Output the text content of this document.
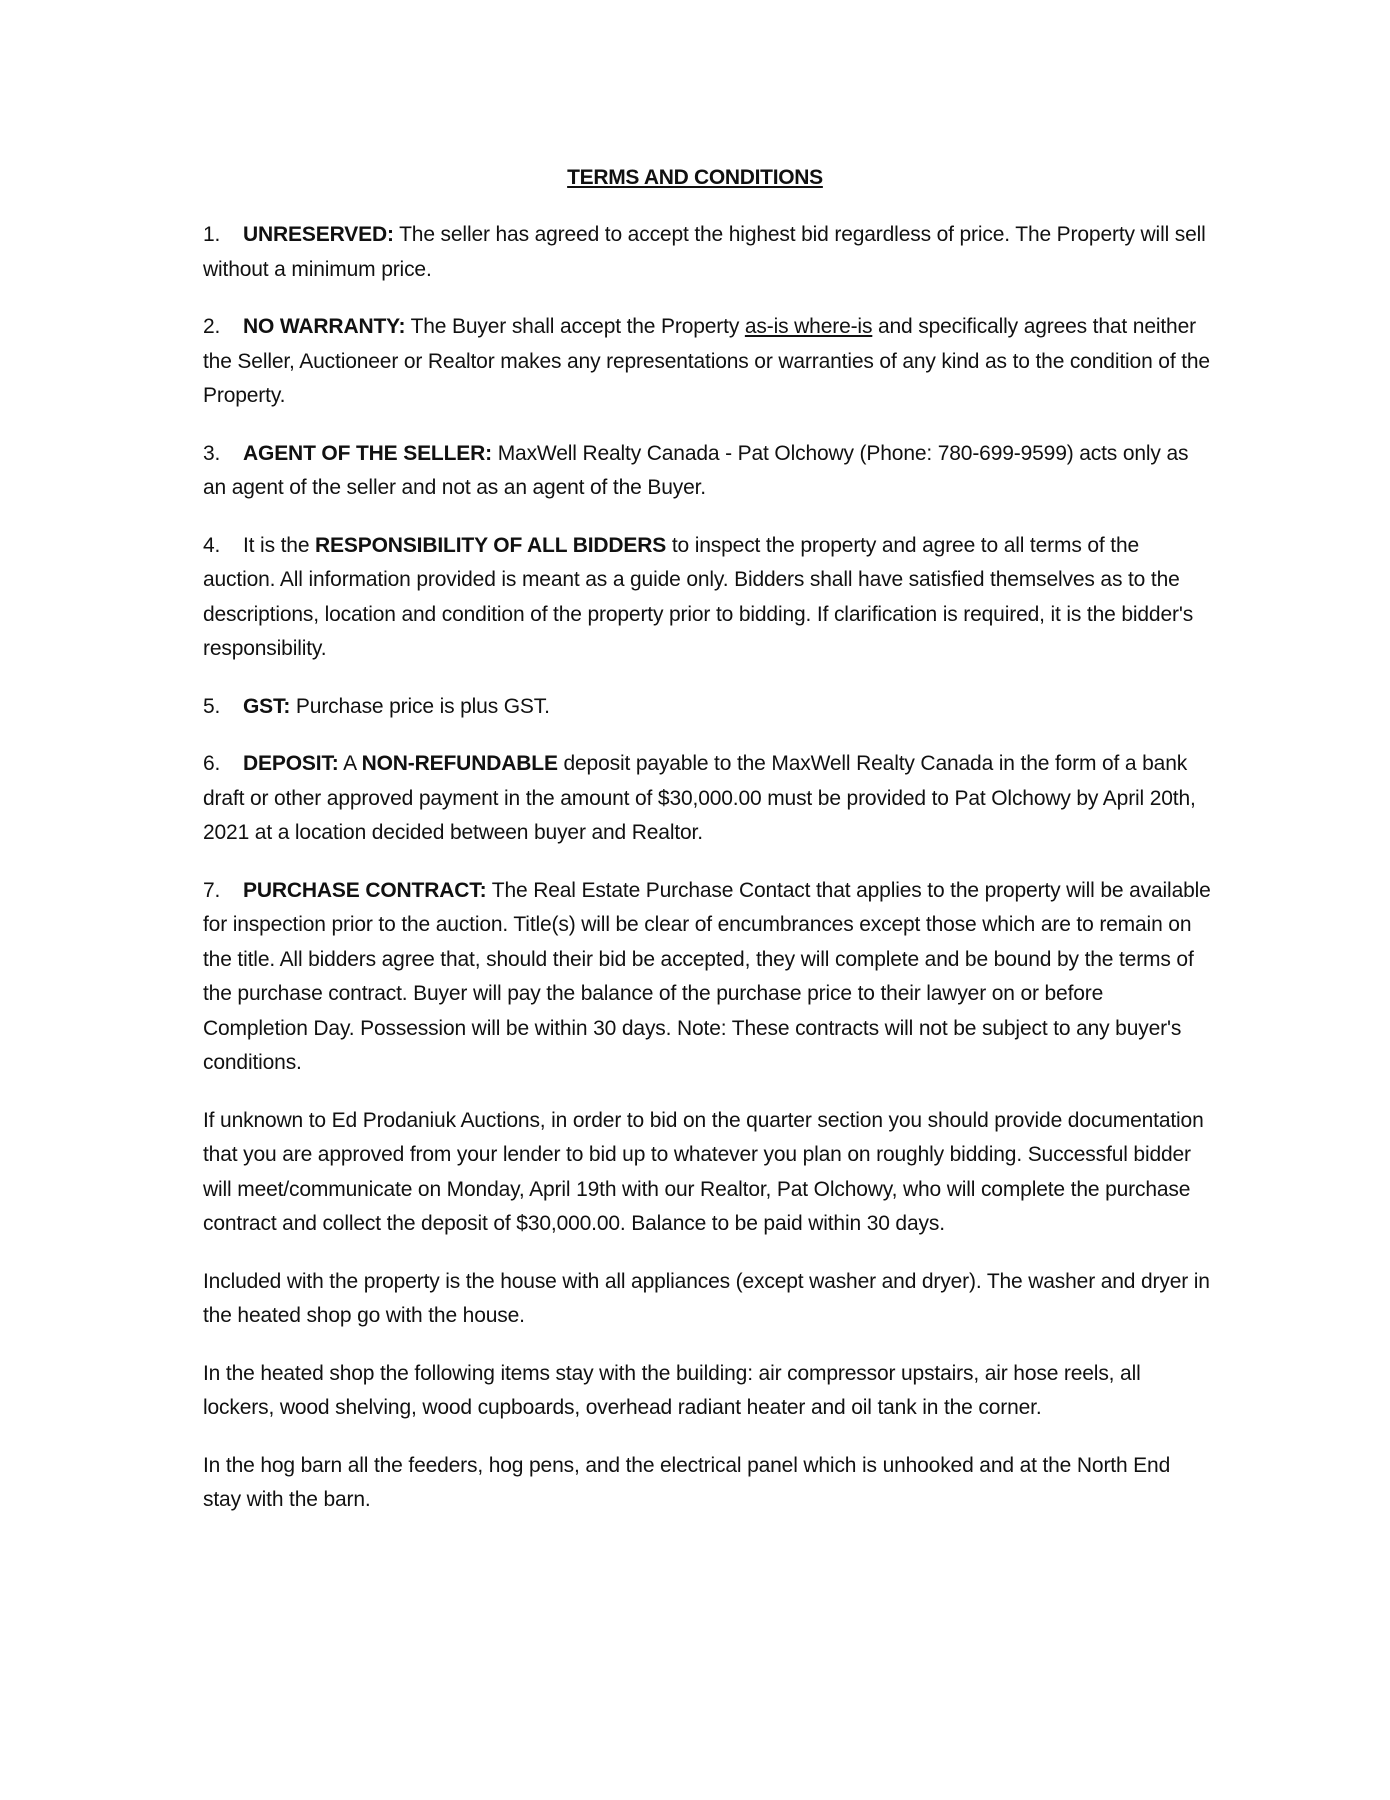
TERMS AND CONDITIONS

1. UNRESERVED: The seller has agreed to accept the highest bid regardless of price. The Property will sell without a minimum price.

2. NO WARRANTY: The Buyer shall accept the Property as-is where-is and specifically agrees that neither the Seller, Auctioneer or Realtor makes any representations or warranties of any kind as to the condition of the Property.

3. AGENT OF THE SELLER: MaxWell Realty Canada - Pat Olchowy (Phone: 780-699-9599) acts only as an agent of the seller and not as an agent of the Buyer.

4. It is the RESPONSIBILITY OF ALL BIDDERS to inspect the property and agree to all terms of the auction. All information provided is meant as a guide only. Bidders shall have satisfied themselves as to the descriptions, location and condition of the property prior to bidding. If clarification is required, it is the bidder's responsibility.

5. GST: Purchase price is plus GST.

6. DEPOSIT: A NON-REFUNDABLE deposit payable to the MaxWell Realty Canada in the form of a bank draft or other approved payment in the amount of $30,000.00 must be provided to Pat Olchowy by April 20th, 2021 at a location decided between buyer and Realtor.

7. PURCHASE CONTRACT: The Real Estate Purchase Contact that applies to the property will be available for inspection prior to the auction. Title(s) will be clear of encumbrances except those which are to remain on the title. All bidders agree that, should their bid be accepted, they will complete and be bound by the terms of the purchase contract. Buyer will pay the balance of the purchase price to their lawyer on or before Completion Day. Possession will be within 30 days. Note: These contracts will not be subject to any buyer's conditions.

If unknown to Ed Prodaniuk Auctions, in order to bid on the quarter section you should provide documentation that you are approved from your lender to bid up to whatever you plan on roughly bidding. Successful bidder will meet/communicate on Monday, April 19th with our Realtor, Pat Olchowy, who will complete the purchase contract and collect the deposit of $30,000.00. Balance to be paid within 30 days.

Included with the property is the house with all appliances (except washer and dryer). The washer and dryer in the heated shop go with the house.

In the heated shop the following items stay with the building: air compressor upstairs, air hose reels, all lockers, wood shelving, wood cupboards, overhead radiant heater and oil tank in the corner.

In the hog barn all the feeders, hog pens, and the electrical panel which is unhooked and at the North End stay with the barn.
